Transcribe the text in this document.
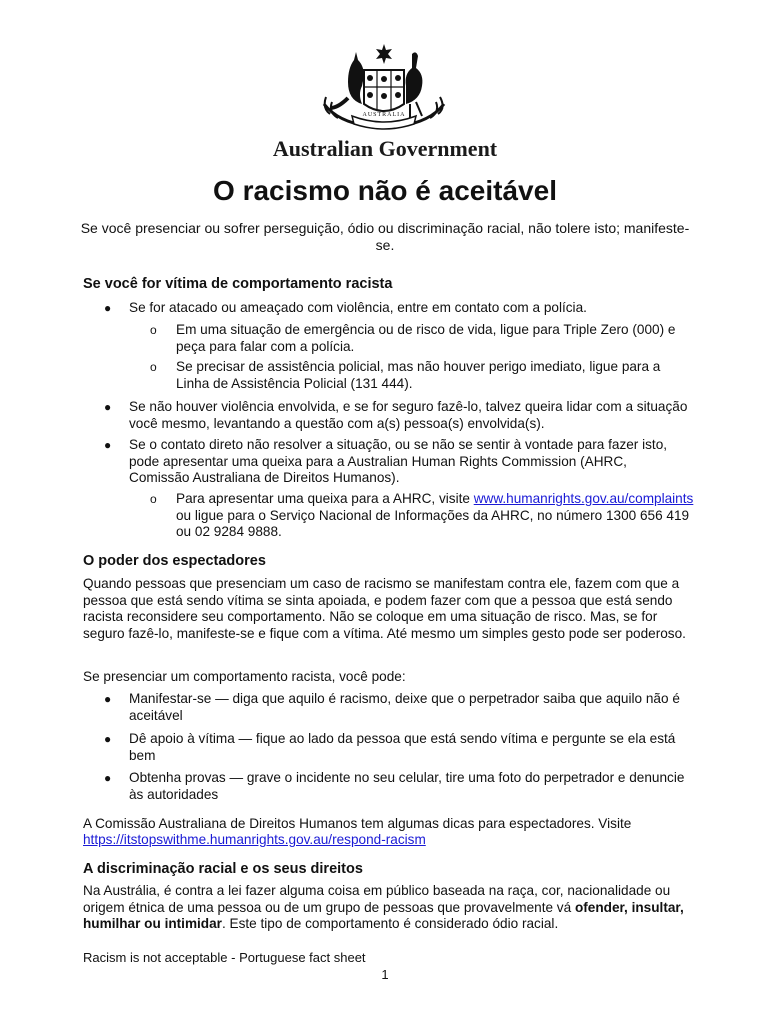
AUSTRALIA
Australian Government
O racismo não é aceitável
Se você presenciar ou sofrer perseguição, ódio ou discriminação racial, não tolere isto; manifeste-se.
Se você for vítima de comportamento racista
● Se for atacado ou ameaçado com violência, entre em contato com a polícia.
o Em uma situação de emergência ou de risco de vida, ligue para Triple Zero (000) e peça para falar com a polícia.
o Se precisar de assistência policial, mas não houver perigo imediato, ligue para a Linha de Assistência Policial (131 444).
● Se não houver violência envolvida, e se for seguro fazê-lo, talvez queira lidar com a situação você mesmo, levantando a questão com a(s) pessoa(s) envolvida(s).
● Se o contato direto não resolver a situação, ou se não se sentir à vontade para fazer isto, pode apresentar uma queixa para a Australian Human Rights Commission (AHRC, Comissão Australiana de Direitos Humanos).
o Para apresentar uma queixa para a AHRC, visite www.humanrights.gov.au/complaints ou ligue para o Serviço Nacional de Informações da AHRC, no número 1300 656 419 ou 02 9284 9888.
O poder dos espectadores
Quando pessoas que presenciam um caso de racismo se manifestam contra ele, fazem com que a pessoa que está sendo vítima se sinta apoiada, e podem fazer com que a pessoa que está sendo racista reconsidere seu comportamento. Não se coloque em uma situação de risco. Mas, se for seguro fazê-lo, manifeste-se e fique com a vítima. Até mesmo um simples gesto pode ser poderoso.
Se presenciar um comportamento racista, você pode:
● Manifestar-se — diga que aquilo é racismo, deixe que o perpetrador saiba que aquilo não é aceitável
● Dê apoio à vítima — fique ao lado da pessoa que está sendo vítima e pergunte se ela está bem
● Obtenha provas — grave o incidente no seu celular, tire uma foto do perpetrador e denuncie às autoridades
A Comissão Australiana de Direitos Humanos tem algumas dicas para espectadores. Visite
https://itstopswithme.humanrights.gov.au/respond-racism
A discriminação racial e os seus direitos
Na Austrália, é contra a lei fazer alguma coisa em público baseada na raça, cor, nacionalidade ou origem étnica de uma pessoa ou de um grupo de pessoas que provavelmente vá ofender, insultar, humilhar ou intimidar. Este tipo de comportamento é considerado ódio racial.
Racism is not acceptable - Portuguese fact sheet
1
